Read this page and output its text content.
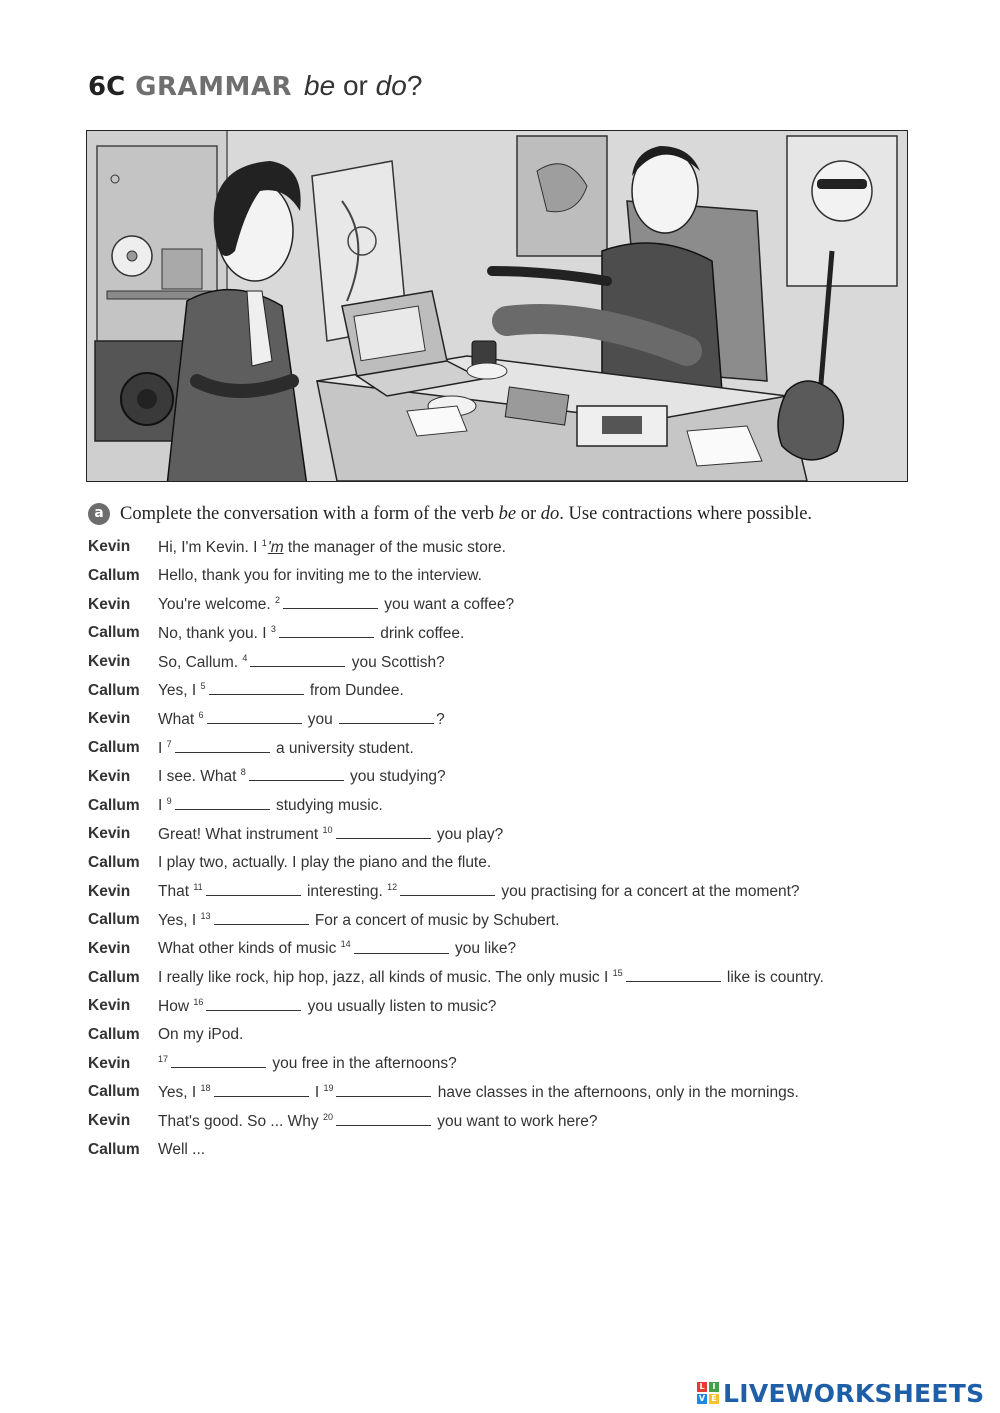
6C GRAMMAR be or do?
a Complete the conversation with a form of the verb be or do. Use contractions where possible.
Kevin	Hi, I'm Kevin. I $^1$'m the manager of the music store.
Callum	Hello, thank you for inviting me to the interview.
Kevin	You're welcome. $^2$	you want a coffee?
Callum	No, thank you. I $^3$	drink coffee.
Kevin	So, Callum. $^4$	you Scottish?
Callum	Yes, I $^5$	from Dundee.
Kevin	What $^6$	you	?
Callum	I $^7$	a university student.
Kevin	I see. What $^8$	you studying?
Callum	I $^9$	studying music.
Kevin	Great! What instrument $^{10}$	you play?
Callum	I play two, actually. I play the piano and the flute.
Kevin	That $^{11}$	interesting. $^{12}$	you practising for a concert at the moment?
Callum	Yes, I $^{13}$	For a concert of music by Schubert.
Kevin	What other kinds of music $^{14}$	you like?
Callum	I really like rock, hip hop, jazz, all kinds of music. The only music I $^{15}$	like is country.
Kevin	How $^{16}$	you usually listen to music?
Callum	On my iPod.
Kevin	$^{17}$	you free in the afternoons?
Callum	Yes, I $^{18}$	I $^{19}$	have classes in the afternoons, only in the mornings.
Kevin	That's good. So ... Why $^{20}$	you want to work here?
Callum	Well ...
L I
V E LIVEWORKSHEETS
